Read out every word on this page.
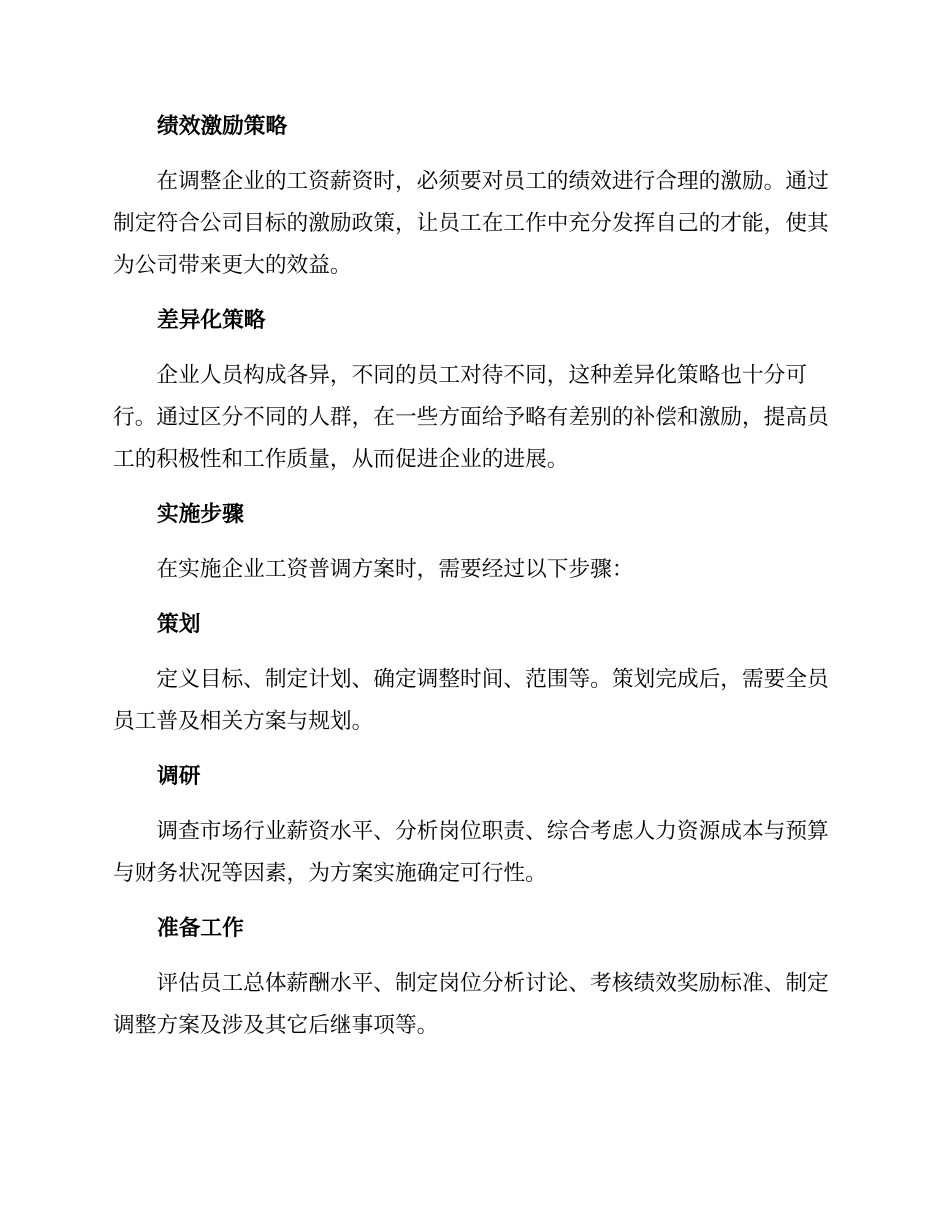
绩效激励策略

在调整企业的工资薪资时，必须要对员工的绩效进行合理的激励。通过制定符合公司目标的激励政策，让员工在工作中充分发挥自己的才能，使其为公司带来更大的效益。

差异化策略

企业人员构成各异，不同的员工对待不同，这种差异化策略也十分可行。通过区分不同的人群，在一些方面给予略有差别的补偿和激励，提高员工的积极性和工作质量，从而促进企业的进展。

实施步骤

在实施企业工资普调方案时，需要经过以下步骤：

策划

定义目标、制定计划、确定调整时间、范围等。策划完成后，需要全员员工普及相关方案与规划。

调研

调查市场行业薪资水平、分析岗位职责、综合考虑人力资源成本与预算与财务状况等因素，为方案实施确定可行性。

准备工作

评估员工总体薪酬水平、制定岗位分析讨论、考核绩效奖励标准、制定调整方案及涉及其它后继事项等。
